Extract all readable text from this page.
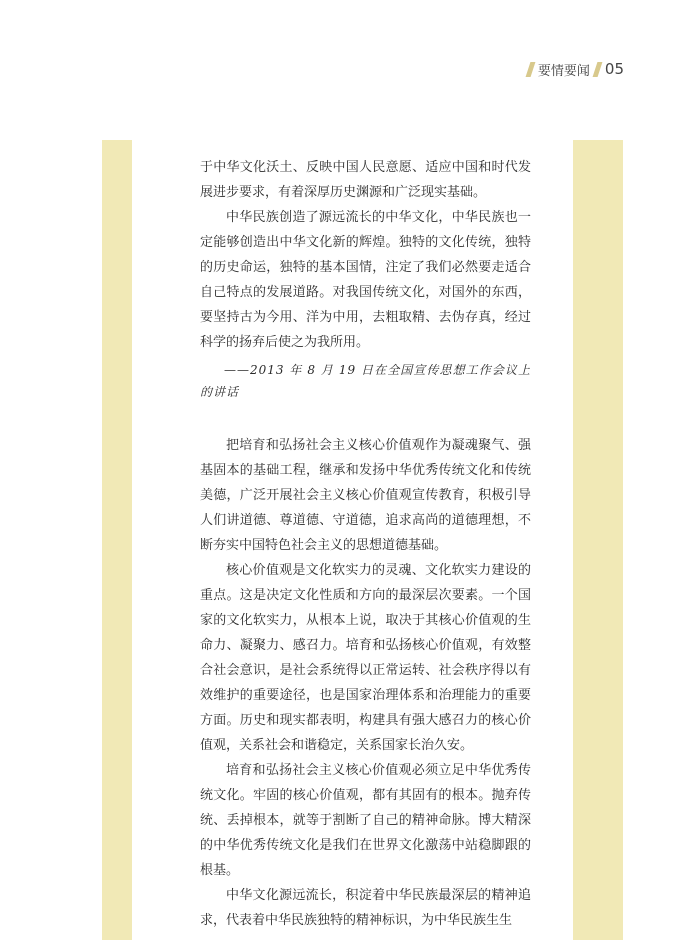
要情要闻 05

于中华文化沃土、反映中国人民意愿、适应中国和时代发展进步要求，有着深厚历史渊源和广泛现实基础。

中华民族创造了源远流长的中华文化，中华民族也一定能够创造出中华文化新的辉煌。独特的文化传统，独特的历史命运，独特的基本国情，注定了我们必然要走适合自己特点的发展道路。对我国传统文化，对国外的东西，要坚持古为今用、洋为中用，去粗取精、去伪存真，经过科学的扬弃后使之为我所用。

——2013 年 8 月 19 日在全国宣传思想工作会议上的讲话

把培育和弘扬社会主义核心价值观作为凝魂聚气、强基固本的基础工程，继承和发扬中华优秀传统文化和传统美德，广泛开展社会主义核心价值观宣传教育，积极引导人们讲道德、尊道德、守道德，追求高尚的道德理想，不断夯实中国特色社会主义的思想道德基础。

核心价值观是文化软实力的灵魂、文化软实力建设的重点。这是决定文化性质和方向的最深层次要素。一个国家的文化软实力，从根本上说，取决于其核心价值观的生命力、凝聚力、感召力。培育和弘扬核心价值观，有效整合社会意识，是社会系统得以正常运转、社会秩序得以有效维护的重要途径，也是国家治理体系和治理能力的重要方面。历史和现实都表明，构建具有强大感召力的核心价值观，关系社会和谐稳定，关系国家长治久安。

培育和弘扬社会主义核心价值观必须立足中华优秀传统文化。牢固的核心价值观，都有其固有的根本。抛弃传统、丢掉根本，就等于割断了自己的精神命脉。博大精深的中华优秀传统文化是我们在世界文化激荡中站稳脚跟的根基。

中华文化源远流长，积淀着中华民族最深层的精神追求，代表着中华民族独特的精神标识，为中华民族生生
